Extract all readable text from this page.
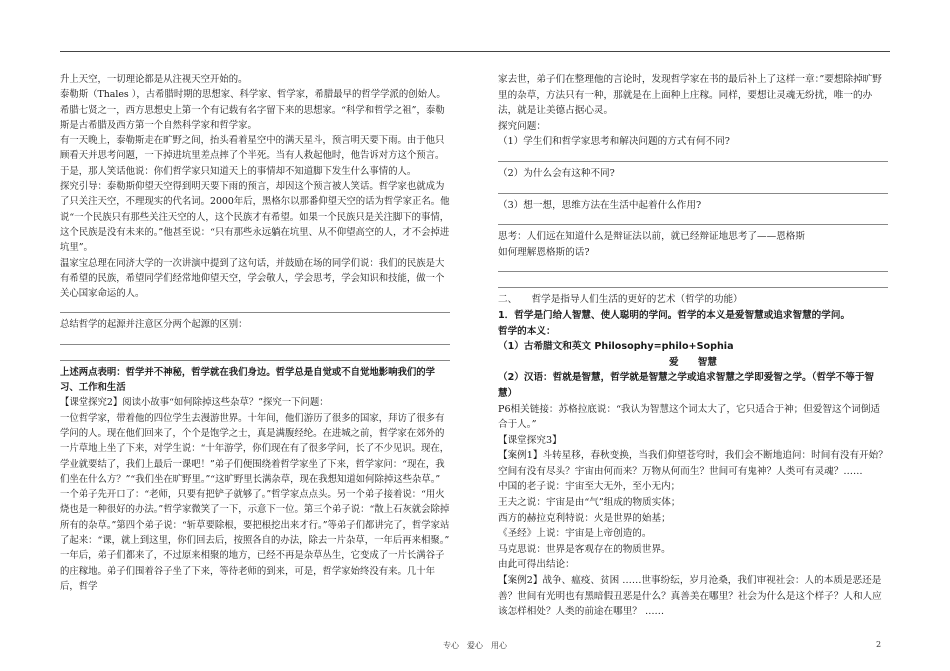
升上天空，一切理论都是从注视天空开始的。

泰勒斯（Thales ），古希腊时期的思想家、科学家、哲学家，希腊最早的哲学学派的创始人。希腊七贤之一，西方思想史上第一个有记载有名字留下来的思想家。“科学和哲学之祖”，泰勒斯是古希腊及西方第一个自然科学家和哲学家。

有一天晚上，泰勒斯走在旷野之间，抬头看着星空中的满天星斗，预言明天要下雨。由于他只顾看天并思考问题，一下掉进坑里差点摔了个半死。当有人救起他时，他告诉对方这个预言。于是，那人笑话他说：你们哲学家只知道天上的事情却不知道脚下发生什么事情的人。

探究引导：泰勒斯仰望天空得到明天要下雨的预言，却因这个预言被人笑话。哲学家也就成为了只关注天空，不理现实的代名词。2000年后，黑格尔以那番仰望天空的话为哲学家正名。他说“一个民族只有那些关注天空的人，这个民族才有希望。如果一个民族只是关注脚下的事情，这个民族是没有未来的。”他甚至说：“只有那些永远躺在坑里、从不仰望高空的人，才不会掉进坑里”。

温家宝总理在同济大学的一次讲演中提到了这句话，并鼓励在场的同学们说：我们的民族是大有希望的民族，希望同学们经常地仰望天空，学会敬人，学会思考，学会知识和技能，做一个关心国家命运的人。

总结哲学的起源并注意区分两个起源的区别：

上述两点表明：哲学并不神秘，哲学就在我们身边。哲学总是自觉或不自觉地影响我们的学习、工作和生活

【课堂探究2】阅读小故事“如何除掉这些杂草？”探究一下问题：

一位哲学家，带着他的四位学生去漫游世界。十年间，他们游历了很多的国家，拜访了很多有学问的人。现在他们回来了，个个是饱学之士，真是满腹经纶。在进城之前，哲学家在郊外的一片草地上坐了下来，对学生说：“十年游学，你们现在有了很多学问，长了不少见识。现在，学业就要结了，我们上最后一课吧！”弟子们便围绕着哲学家坐了下来，哲学家问：“现在，我们坐在什么方？”“我们坐在旷野里。”“这旷野里长满杂草，现在我想知道如何除掉这些杂草。”

一个弟子先开口了：“老师，只要有把铲子就够了。”哲学家点点头。另一个弟子接着说：“用火烧也是一种很好的办法。”哲学家微笑了一下，示意下一位。第三个弟子说：“散上石灰就会除掉所有的杂草。”第四个弟子说：“斩草要除根，要把根挖出来才行。”等弟子们都讲完了，哲学家站了起来：“课，就上到这里，你们回去后，按照各自的办法，除去一片杂草，一年后再来相聚。”

一年后，弟子们都来了，不过原来相聚的地方，已经不再是杂草丛生，它变成了一片长满谷子的庄稼地。弟子们围着谷子坐了下来，等待老师的到来，可是，哲学家始终没有来。几十年后，哲学

家去世，弟子们在整理他的言论时，发现哲学家在书的最后补上了这样一章：”要想除掉旷野里的杂草，方法只有一种，那就是在上面种上庄稼。同样，要想让灵魂无纷扰，唯一的办法，就是让美德占据心灵。

探究问题：

（1）学生们和哲学家思考和解决问题的方式有何不同?

（2）为什么会有这种不同?

（3）想一想，思维方法在生活中起着什么作用?

思考：人们远在知道什么是辩证法以前，就已经辩证地思考了——恩格斯

如何理解恩格斯的话?

二、　　哲学是指导人们生活的更好的艺术（哲学的功能）

1．哲学是门给人智慧、使人聪明的学问。哲学的本义是爱智慧或追求智慧的学问。

哲学的本义：

（1）古希腊文和英文 Philosophy=philo+Sophia

爱　　智慧

（2）汉语：哲就是智慧，哲学就是智慧之学或追求智慧之学即爱智之学。（哲学不等于智慧）

P6相关链接：苏格拉底说：“我认为智慧这个词太大了，它只适合于神；但爱智这个词倒适合于人。”

【课堂探究3】

【案例1】斗转星移，春秋变换，当我们仰望苍穹时，我们会不断地追问：时间有没有开始？空间有没有尽头？宇宙由何而来？万物从何而生？世间可有鬼神？人类可有灵魂？……

中国的老子说：宇宙至大无外，至小无内；

王夫之说：宇宙是由“气”组成的物质实体；

西方的赫拉克利特说：火是世界的始基；

《圣经》上说：宇宙是上帝创造的。

马克思说：世界是客观存在的物质世界。

由此可得出结论：

【案例2】战争、瘟疫、贫困 ……世事纷纭，岁月沧桑，我们审视社会：人的本质是恶还是善？世间有光明也有黑暗假丑恶是什么？真善美在哪里？社会为什么是这个样子？人和人应该怎样相处？人类的前途在哪里？ ……

专心　爱心　用心	2
